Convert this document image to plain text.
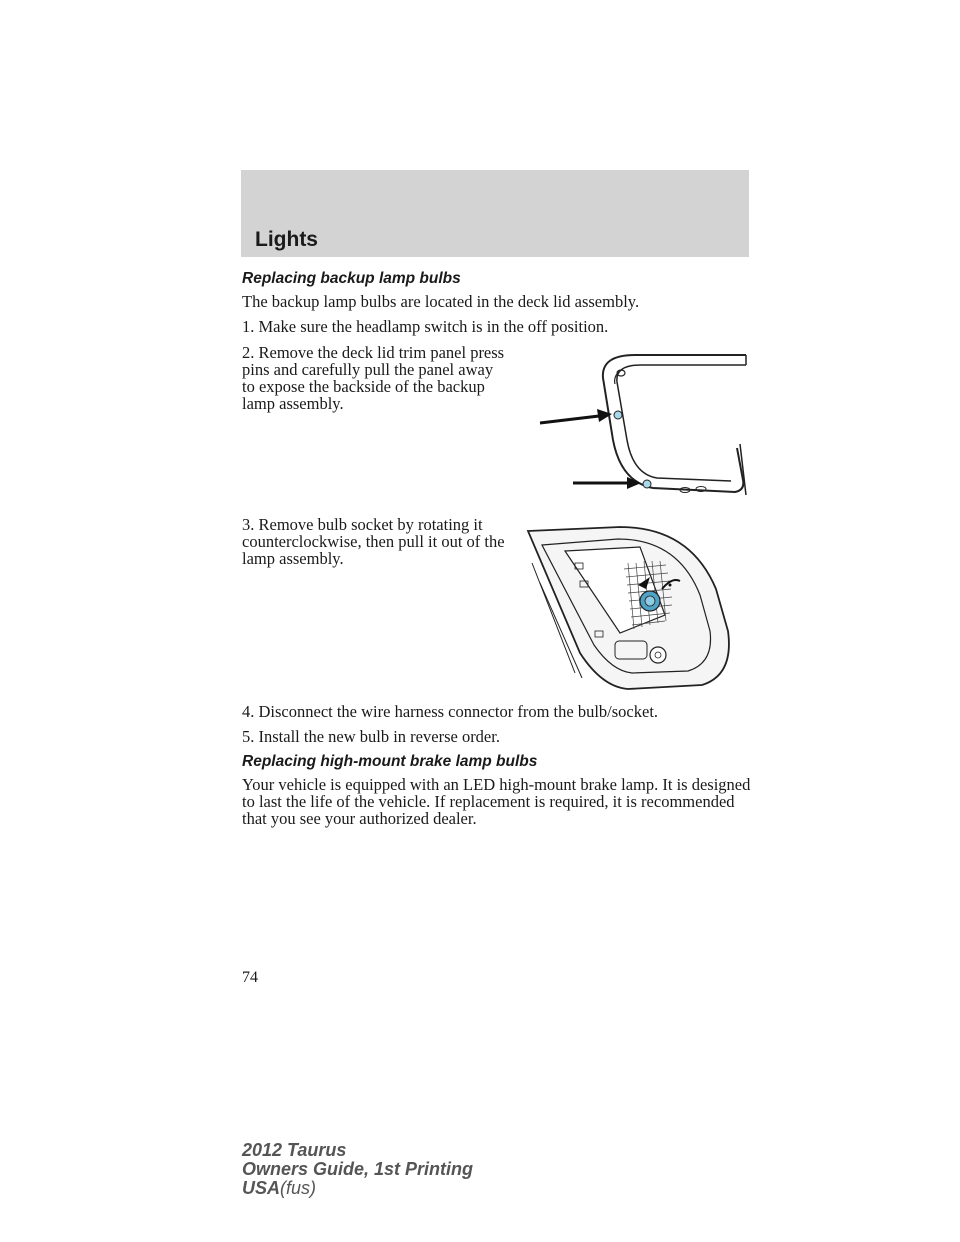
Lights
Replacing backup lamp bulbs
The backup lamp bulbs are located in the deck lid assembly.
1. Make sure the headlamp switch is in the off position.
2. Remove the deck lid trim panel press pins and carefully pull the panel away to expose the backside of the backup lamp assembly.
3. Remove bulb socket by rotating it counterclockwise, then pull it out of the lamp assembly.
4. Disconnect the wire harness connector from the bulb/socket.
5. Install the new bulb in reverse order.
Replacing high-mount brake lamp bulbs
Your vehicle is equipped with an LED high-mount brake lamp. It is designed to last the life of the vehicle. If replacement is required, it is recommended that you see your authorized dealer.
74
2012 Taurus
Owners Guide, 1st Printing
USA(fus)
